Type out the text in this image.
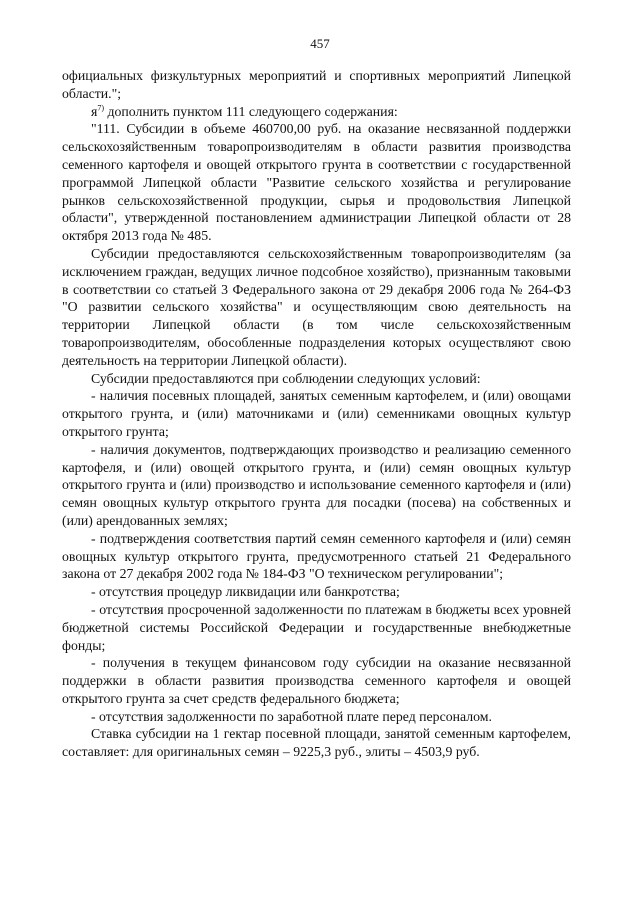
457

официальных физкультурных мероприятий и спортивных мероприятий Липецкой области.";

$я^{7)}$ дополнить пунктом 111 следующего содержания:

"111. Субсидии в объеме 460700,00 руб. на оказание несвязанной поддержки сельскохозяйственным товаропроизводителям в области развития производства семенного картофеля и овощей открытого грунта в соответствии с государственной программой Липецкой области "Развитие сельского хозяйства и регулирование рынков сельскохозяйственной продукции, сырья и продовольствия Липецкой области", утвержденной постановлением администрации Липецкой области от 28 октября 2013 года № 485.

Субсидии предоставляются сельскохозяйственным товаропроизводителям (за исключением граждан, ведущих личное подсобное хозяйство), признанным таковыми в соответствии со статьей 3 Федерального закона от 29 декабря 2006 года № 264-ФЗ "О развитии сельского хозяйства" и осуществляющим свою деятельность на территории Липецкой области (в том числе сельскохозяйственным товаропроизводителям, обособленные подразделения которых осуществляют свою деятельность на территории Липецкой области).

Субсидии предоставляются при соблюдении следующих условий:

- наличия посевных площадей, занятых семенным картофелем, и (или) овощами открытого грунта, и (или) маточниками и (или) семенниками овощных культур открытого грунта;

- наличия документов, подтверждающих производство и реализацию семенного картофеля, и (или) овощей открытого грунта, и (или) семян овощных культур открытого грунта и (или) производство и использование семенного картофеля и (или) семян овощных культур открытого грунта для посадки (посева) на собственных и (или) арендованных землях;

- подтверждения соответствия партий семян семенного картофеля и (или) семян овощных культур открытого грунта, предусмотренного статьей 21 Федерального закона от 27 декабря 2002 года № 184-ФЗ "О техническом регулировании";

- отсутствия процедур ликвидации или банкротства;

- отсутствия просроченной задолженности по платежам в бюджеты всех уровней бюджетной системы Российской Федерации и государственные внебюджетные фонды;

- получения в текущем финансовом году субсидии на оказание несвязанной поддержки в области развития производства семенного картофеля и овощей открытого грунта за счет средств федерального бюджета;

- отсутствия задолженности по заработной плате перед персоналом.

Ставка субсидии на 1 гектар посевной площади, занятой семенным картофелем, составляет: для оригинальных семян – 9225,3 руб., элиты – 4503,9 руб.
